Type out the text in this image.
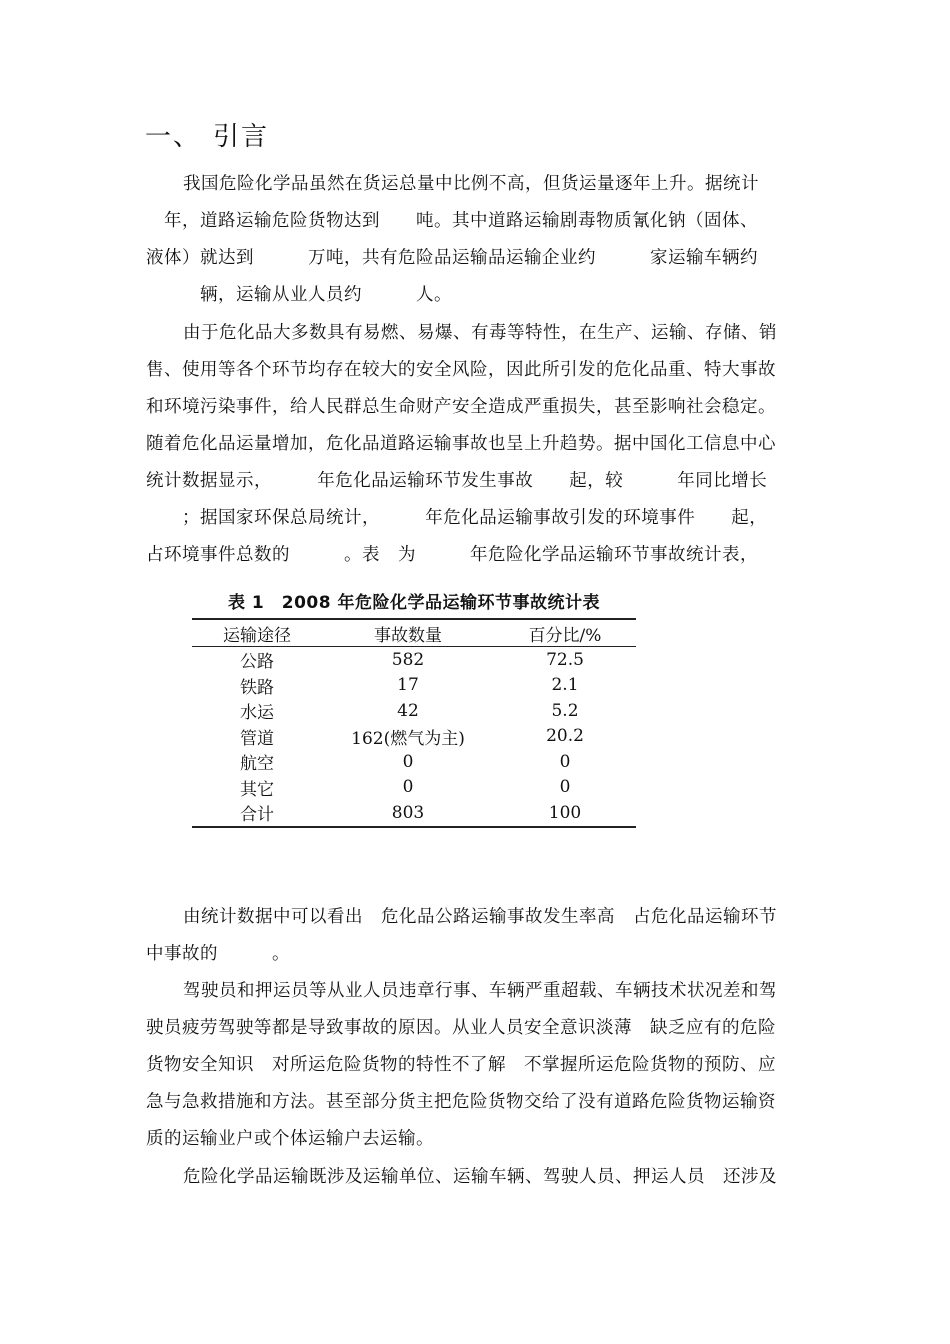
一、 引言
我国危险化学品虽然在货运总量中比例不高，但货运量逐年上升。据统计
　年，道路运输危险货物达到　　吨。其中道路运输剧毒物质氰化钠（固体、
液体）就达到　　　万吨，共有危险品运输品运输企业约　　　家运输车辆约
　　　辆，运输从业人员约　　　人。
由于危化品大多数具有易燃、易爆、有毒等特性，在生产、运输、存储、销
售、使用等各个环节均存在较大的安全风险，因此所引发的危化品重、特大事故
和环境污染事件，给人民群总生命财产安全造成严重损失，甚至影响社会稳定。
随着危化品运量增加，危化品道路运输事故也呈上升趋势。据中国化工信息中心
统计数据显示，　　　年危化品运输环节发生事故　　起，较　　　年同比增长
　　；据国家环保总局统计，　　　年危化品运输事故引发的环境事件　　起，
占环境事件总数的　　　。表　为　　　年危险化学品运输环节事故统计表，
表 1　2008 年危险化学品运输环节事故统计表
运输途径	事故数量	百分比/%
公路	582	72.5
铁路	17	2.1
水运	42	5.2
管道	162(燃气为主)	20.2
航空	0	0
其它	0	0
合计	803	100
由统计数据中可以看出　危化品公路运输事故发生率高　占危化品运输环节
中事故的　　　。
驾驶员和押运员等从业人员违章行事、车辆严重超载、车辆技术状况差和驾
驶员疲劳驾驶等都是导致事故的原因。从业人员安全意识淡薄　缺乏应有的危险
货物安全知识　对所运危险货物的特性不了解　不掌握所运危险货物的预防、应
急与急救措施和方法。甚至部分货主把危险货物交给了没有道路危险货物运输资
质的运输业户或个体运输户去运输。
危险化学品运输既涉及运输单位、运输车辆、驾驶人员、押运人员　还涉及
